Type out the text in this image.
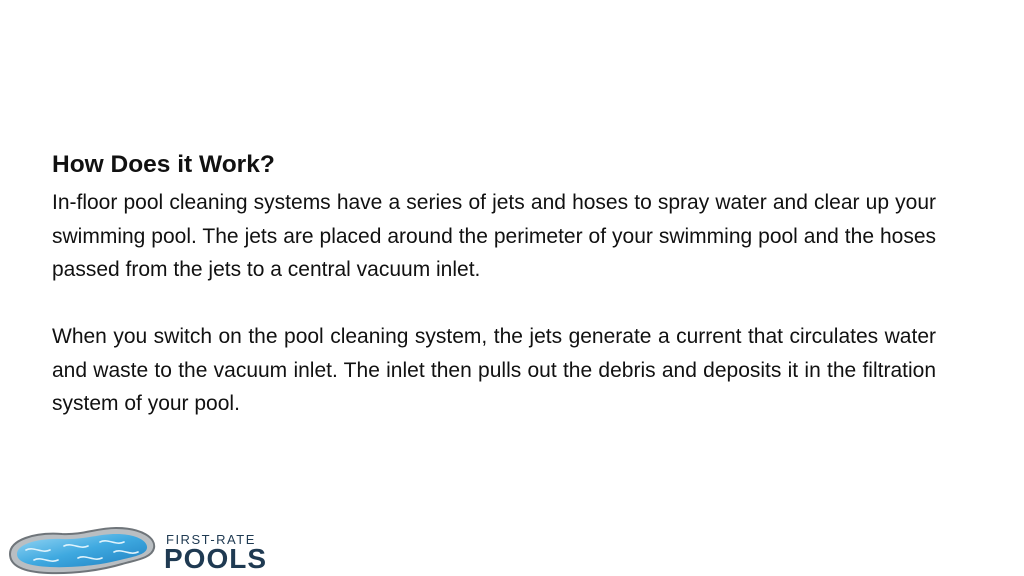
How Does it Work?

In-floor pool cleaning systems have a series of jets and hoses to spray water and clear up your swimming pool. The jets are placed around the perimeter of your swimming pool and the hoses passed from the jets to a central vacuum inlet.

When you switch on the pool cleaning system, the jets generate a current that circulates water and waste to the vacuum inlet. The inlet then pulls out the debris and deposits it in the filtration system of your pool.

FIRST-RATE
POOLS
